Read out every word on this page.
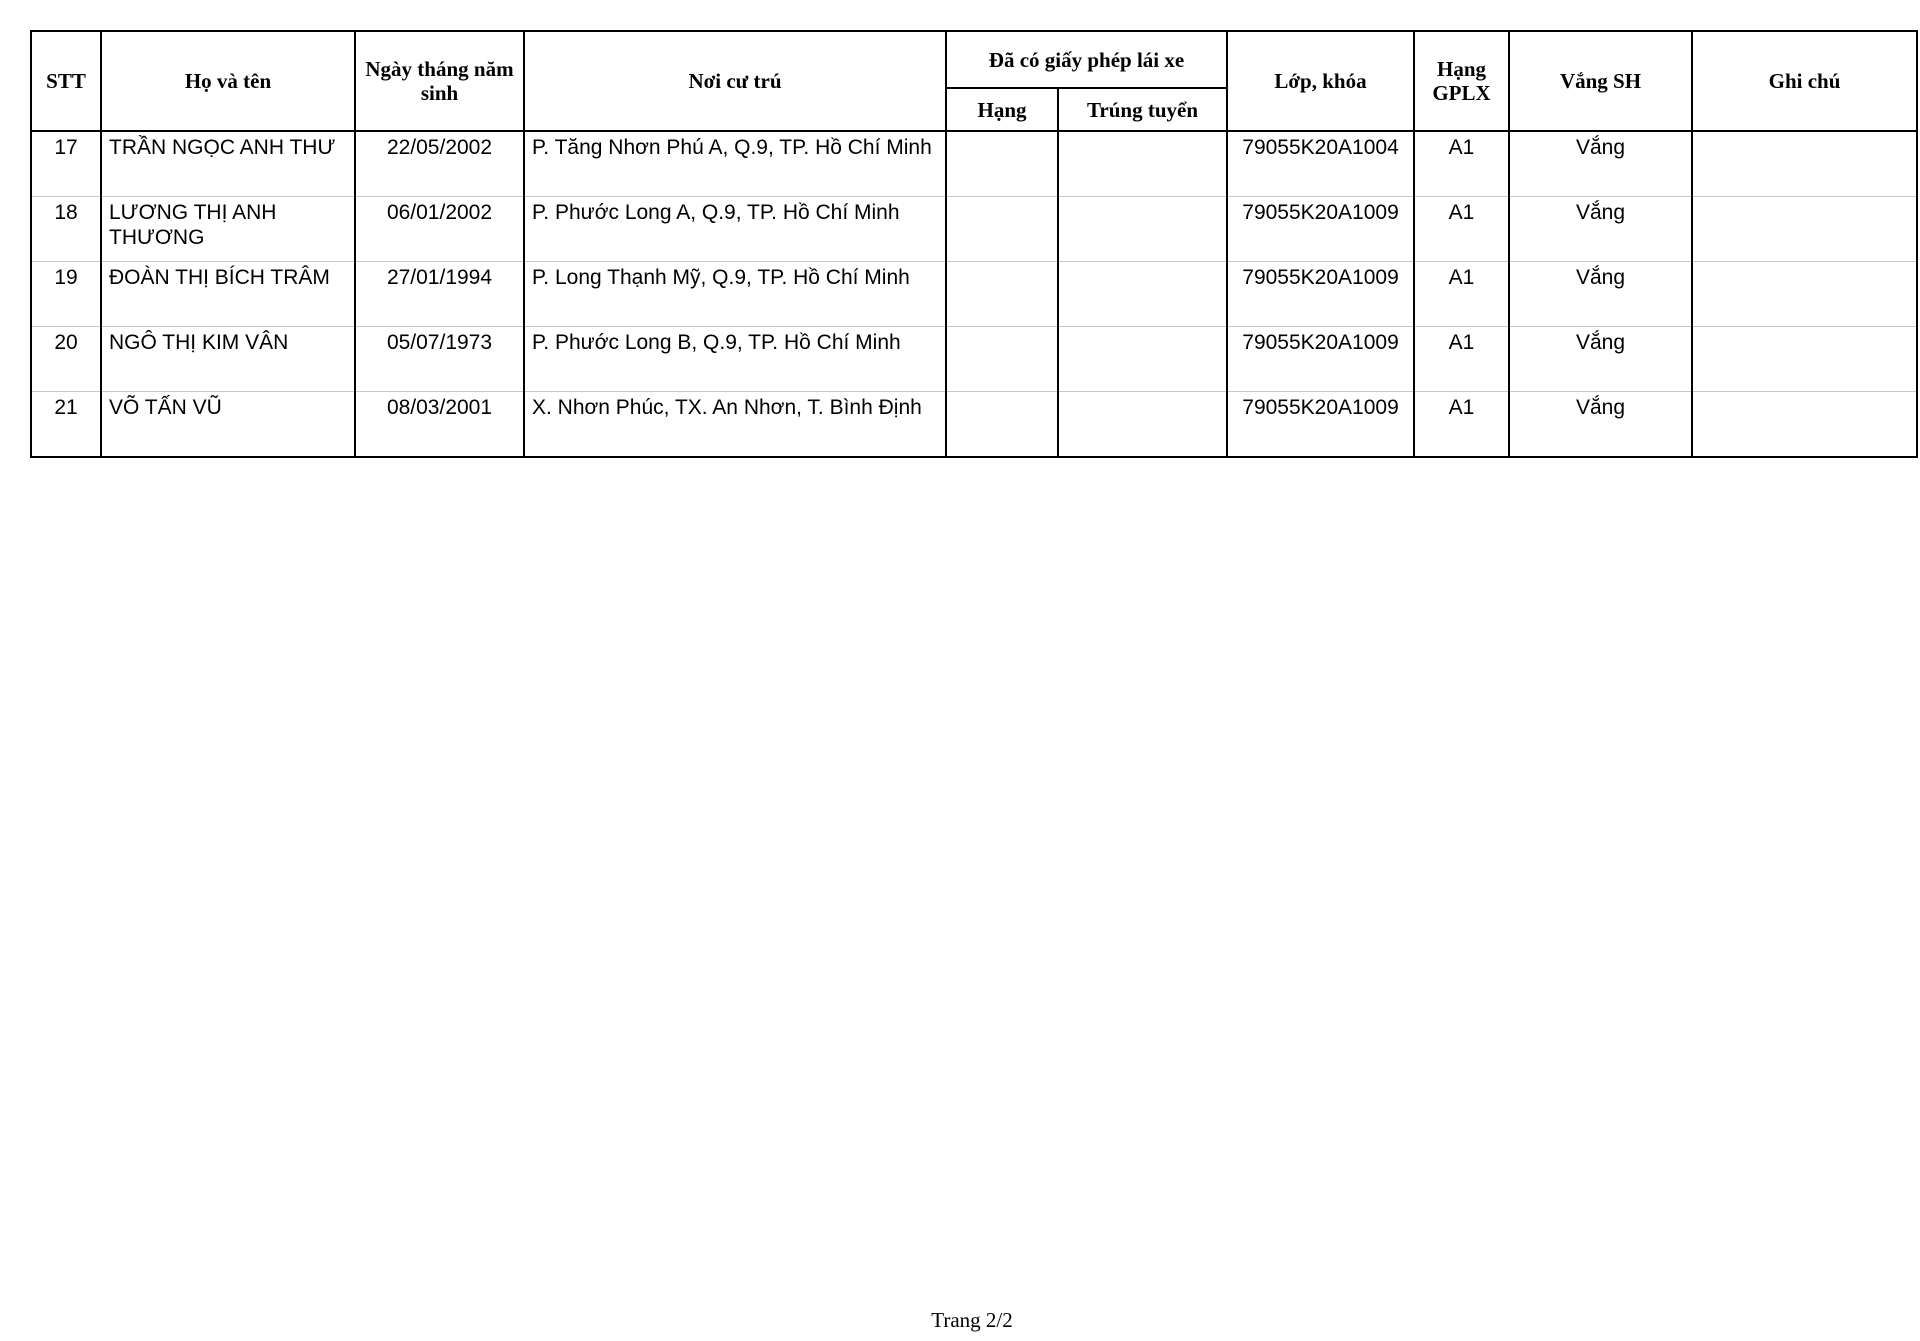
STT	Họ và tên	Ngày tháng năm sinh	Nơi cư trú	Đã có giấy phép lái xe		Lớp, khóa	Hạng GPLX	Vắng SH	Ghi chú
				Hạng	Trúng tuyển				
17	TRẦN NGỌC ANH THƯ	22/05/2002	P. Tăng Nhơn Phú A, Q.9, TP. Hồ Chí Minh			79055K20A1004	A1	Vắng	
18	LƯƠNG THỊ ANH THƯƠNG	06/01/2002	P. Phước Long A, Q.9, TP. Hồ Chí Minh			79055K20A1009	A1	Vắng	
19	ĐOÀN THỊ BÍCH TRÂM	27/01/1994	P. Long Thạnh Mỹ, Q.9, TP. Hồ Chí Minh			79055K20A1009	A1	Vắng	
20	NGÔ THỊ KIM VÂN	05/07/1973	P. Phước Long B, Q.9, TP. Hồ Chí Minh			79055K20A1009	A1	Vắng	
21	VÕ TẤN VŨ	08/03/2001	X. Nhơn Phúc, TX. An Nhơn, T. Bình Định			79055K20A1009	A1	Vắng	
Trang 2/2
